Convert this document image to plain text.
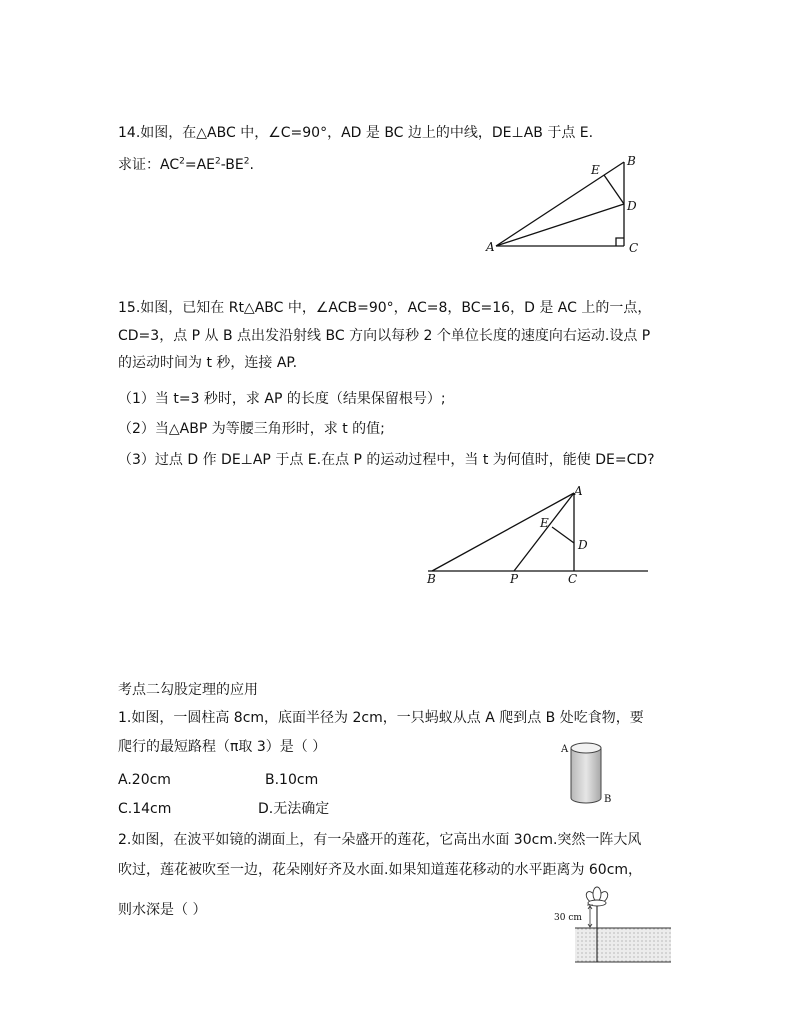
14.如图，在△ABC 中，∠C=90°，AD 是 BC 边上的中线，DE⊥AB 于点 E.
求证：$AC^2=AE^2-BE^2$.
A
B
C
D
E
15.如图，已知在 Rt△ABC 中，∠ACB=90°，AC=8，BC=16，D 是 AC 上的一点，
CD=3，点 P 从 B 点出发沿射线 BC 方向以每秒 2 个单位长度的速度向右运动.设点 P
的运动时间为 t 秒，连接 AP.
（1）当 t=3 秒时，求 AP 的长度（结果保留根号）;
（2）当△ABP 为等腰三角形时，求 t 的值;
（3）过点 D 作 DE⊥AP 于点 E.在点 P 的运动过程中，当 t 为何值时，能使 DE=CD?
A
B	C
D
E
P
考点二勾股定理的应用
1.如图，一圆柱高 8cm，底面半径为 2cm，一只蚂蚁从点 A 爬到点 B 处吃食物，要
爬行的最短路程（π取 3）是（ ）
A.20cm	B.10cm
C.14cm	D.无法确定
A
B
2.如图，在波平如镜的湖面上，有一朵盛开的莲花，它高出水面 30cm.突然一阵大风
吹过，莲花被吹至一边，花朵刚好齐及水面.如果知道莲花移动的水平距离为 60cm，
则水深是（ ）	30 cm
